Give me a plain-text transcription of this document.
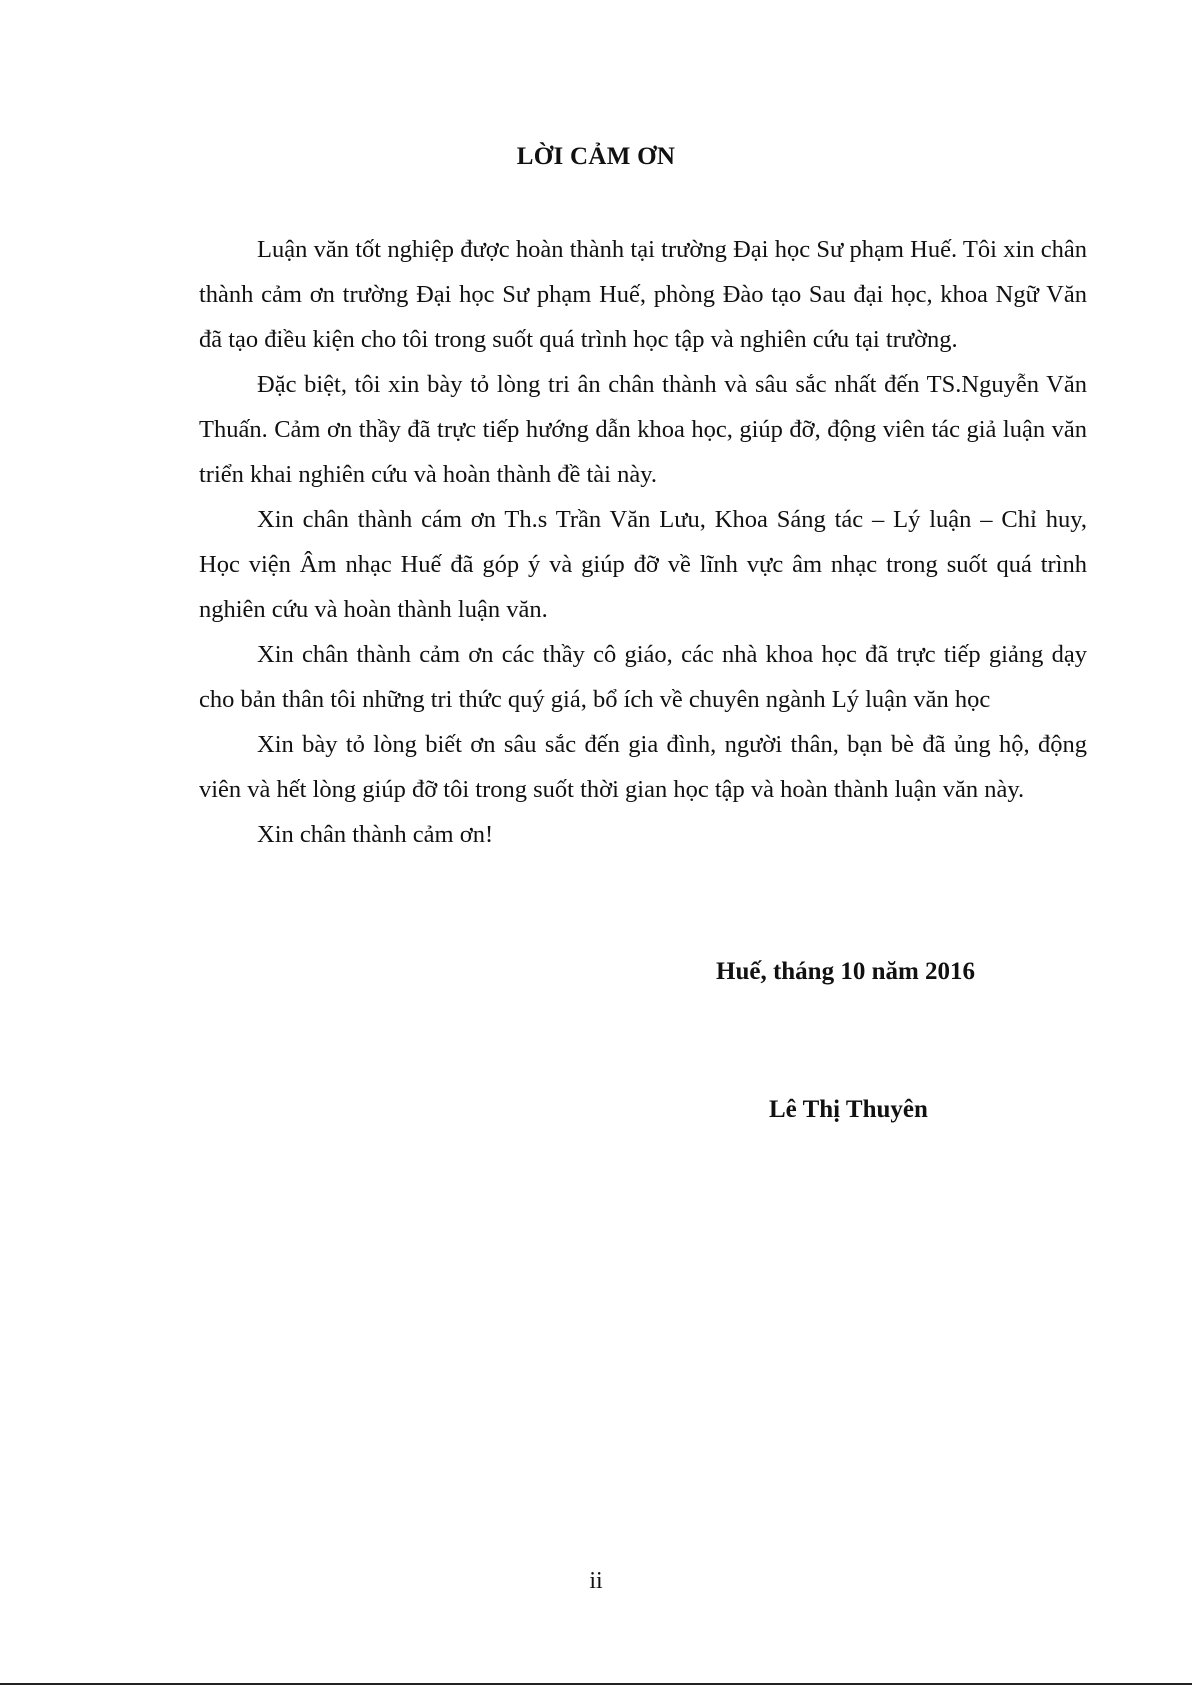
LỜI CẢM ƠN

Luận văn tốt nghiệp được hoàn thành tại trường Đại học Sư phạm Huế. Tôi xin chân thành cảm ơn trường Đại học Sư phạm Huế, phòng Đào tạo Sau đại học, khoa Ngữ Văn đã tạo điều kiện cho tôi trong suốt quá trình học tập và nghiên cứu tại trường.

Đặc biệt, tôi xin bày tỏ lòng tri ân chân thành và sâu sắc nhất đến TS.Nguyễn Văn Thuấn. Cảm ơn thầy đã trực tiếp hướng dẫn khoa học, giúp đỡ, động viên tác giả luận văn triển khai nghiên cứu và hoàn thành đề tài này.

Xin chân thành cám ơn Th.s Trần Văn Lưu, Khoa Sáng tác – Lý luận – Chỉ huy, Học viện Âm nhạc Huế đã góp ý và giúp đỡ về lĩnh vực âm nhạc trong suốt quá trình nghiên cứu và hoàn thành luận văn.

Xin chân thành cảm ơn các thầy cô giáo, các nhà khoa học đã trực tiếp giảng dạy cho bản thân tôi những tri thức quý giá, bổ ích về chuyên ngành Lý luận văn học

Xin bày tỏ lòng biết ơn sâu sắc đến gia đình, người thân, bạn bè đã ủng hộ, động viên và hết lòng giúp đỡ tôi trong suốt thời gian học tập và hoàn thành luận văn này.

Xin chân thành cảm ơn!

Huế, tháng 10 năm 2016

Lê Thị Thuyên

ii
